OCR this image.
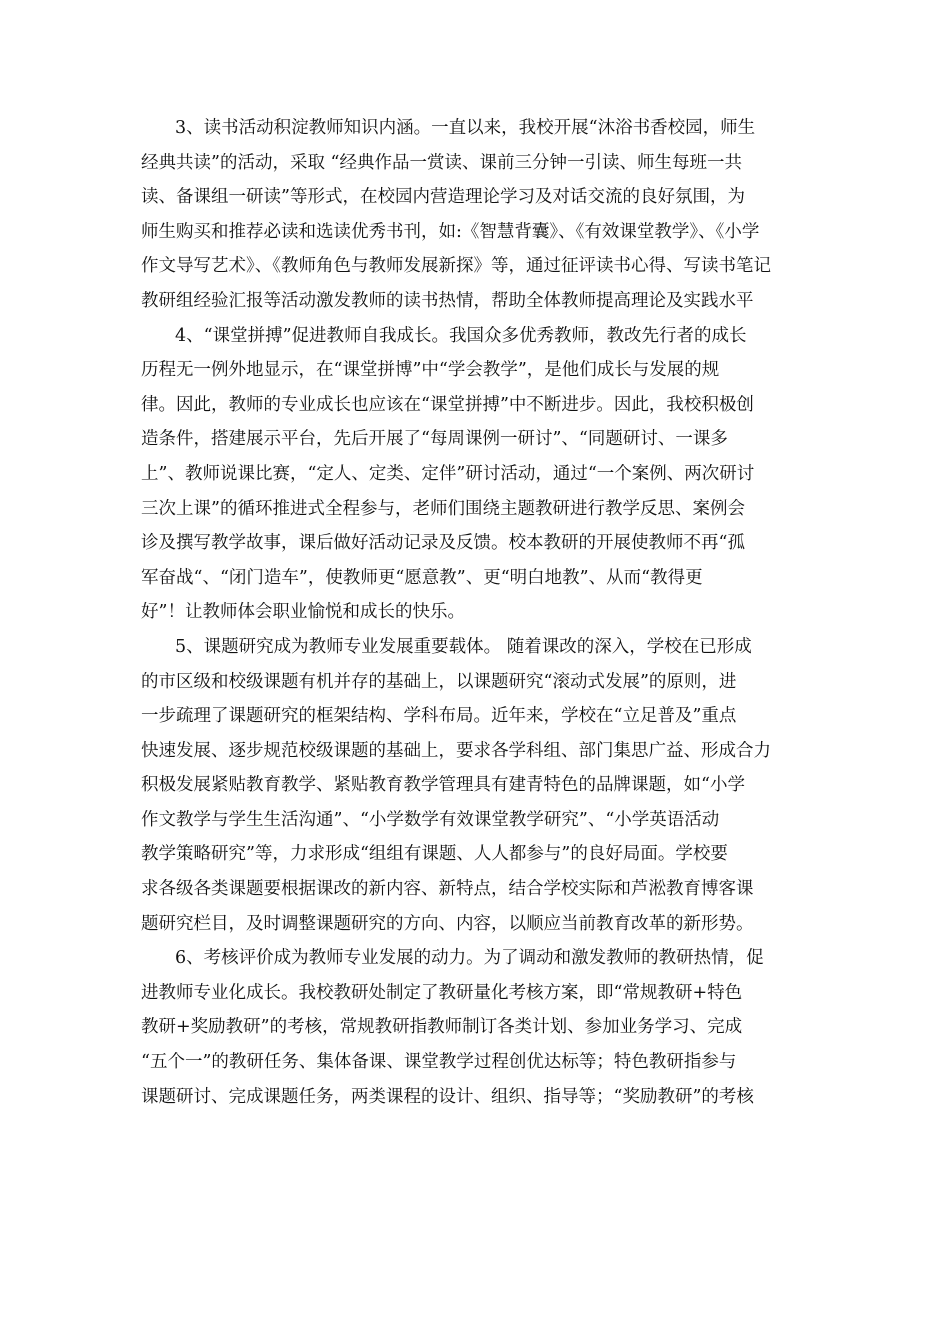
3、读书活动积淀教师知识内涵。一直以来，我校开展“沐浴书香校园，师生
经典共读”的活动，采取 “经典作品一赏读、课前三分钟一引读、师生每班一共
读、备课组一研读”等形式，在校园内营造理论学习及对话交流的良好氛围，为
师生购买和推荐必读和选读优秀书刊，如:《智慧背囊》、《有效课堂教学》、《小学
作文导写艺术》、《教师角色与教师发展新探》等，通过征评读书心得、写读书笔记
教研组经验汇报等活动激发教师的读书热情，帮助全体教师提高理论及实践水平
4、“课堂拼搏”促进教师自我成长。我国众多优秀教师，教改先行者的成长
历程无一例外地显示，在“课堂拼博”中“学会教学”，是他们成长与发展的规
律。因此，教师的专业成长也应该在“课堂拼搏”中不断进步。因此，我校积极创
造条件，搭建展示平台，先后开展了“每周课例一研讨”、“同题研讨、一课多
上”、教师说课比赛，“定人、定类、定伴”研讨活动，通过“一个案例、两次研讨
三次上课”的循环推进式全程参与，老师们围绕主题教研进行教学反思、案例会
诊及撰写教学故事，课后做好活动记录及反馈。校本教研的开展使教师不再“孤
军奋战“、“闭门造车”，使教师更“愿意教”、更“明白地教”、从而“教得更
好”！让教师体会职业愉悦和成长的快乐。
5、课题研究成为教师专业发展重要载体。 随着课改的深入，学校在已形成
的市区级和校级课题有机并存的基础上，以课题研究“滚动式发展”的原则，进
一步疏理了课题研究的框架结构、学科布局。近年来，学校在“立足普及”重点
快速发展、逐步规范校级课题的基础上，要求各学科组、部门集思广益、形成合力
积极发展紧贴教育教学、紧贴教育教学管理具有建青特色的品牌课题，如“小学
作文教学与学生生活沟通”、“小学数学有效课堂教学研究”、“小学英语活动
教学策略研究”等，力求形成“组组有课题、人人都参与”的良好局面。学校要
求各级各类课题要根据课改的新内容、新特点，结合学校实际和芦淞教育博客课
题研究栏目，及时调整课题研究的方向、内容，以顺应当前教育改革的新形势。
6、考核评价成为教师专业发展的动力。为了调动和激发教师的教研热情，促
进教师专业化成长。我校教研处制定了教研量化考核方案，即“常规教研+特色
教研+奖励教研”的考核，常规教研指教师制订各类计划、参加业务学习、完成
“五个一”的教研任务、集体备课、课堂教学过程创优达标等；特色教研指参与
课题研讨、完成课题任务，两类课程的设计、组织、指导等；“奖励教研”的考核
